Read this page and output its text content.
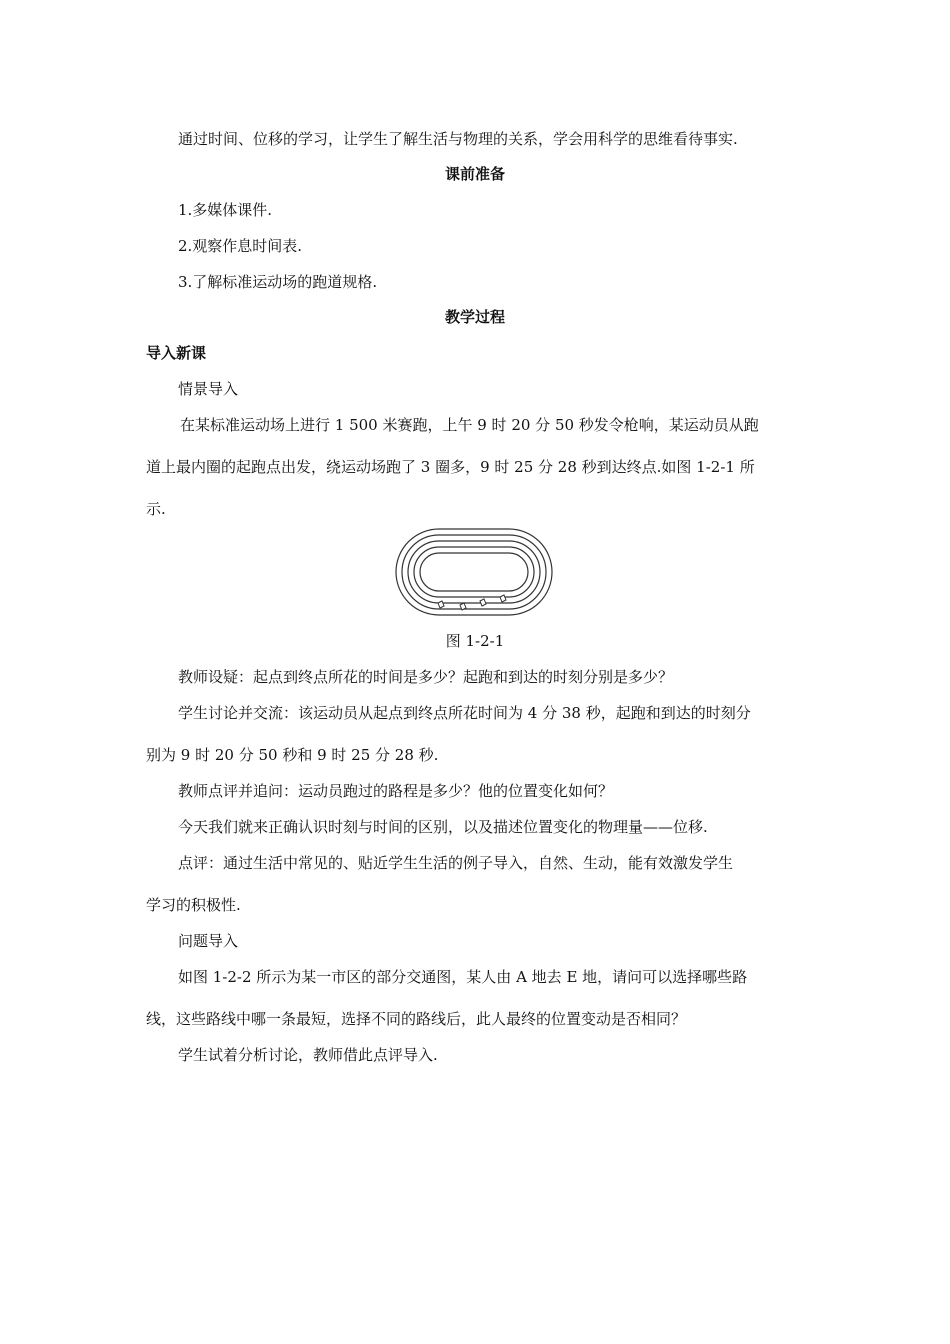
通过时间、位移的学习，让学生了解生活与物理的关系，学会用科学的思维看待事实.
课前准备
1.多媒体课件.
2.观察作息时间表.
3.了解标准运动场的跑道规格.
教学过程
导入新课
情景导入
在某标准运动场上进行 1 500 米赛跑，上午 9 时 20 分 50 秒发令枪响，某运动员从跑
道上最内圈的起跑点出发，绕运动场跑了 3 圈多，9 时 25 分 28 秒到达终点.如图 1-2-1 所
示.
图 1-2-1
教师设疑：起点到终点所花的时间是多少？起跑和到达的时刻分别是多少？
学生讨论并交流：该运动员从起点到终点所花时间为 4 分 38 秒，起跑和到达的时刻分
别为 9 时 20 分 50 秒和 9 时 25 分 28 秒.
教师点评并追问：运动员跑过的路程是多少？他的位置变化如何？
今天我们就来正确认识时刻与时间的区别，以及描述位置变化的物理量——位移.
点评：通过生活中常见的、贴近学生生活的例子导入，自然、生动，能有效激发学生
学习的积极性.
问题导入
如图 1-2-2 所示为某一市区的部分交通图，某人由 A 地去 E 地，请问可以选择哪些路
线，这些路线中哪一条最短，选择不同的路线后，此人最终的位置变动是否相同？
学生试着分析讨论，教师借此点评导入.
